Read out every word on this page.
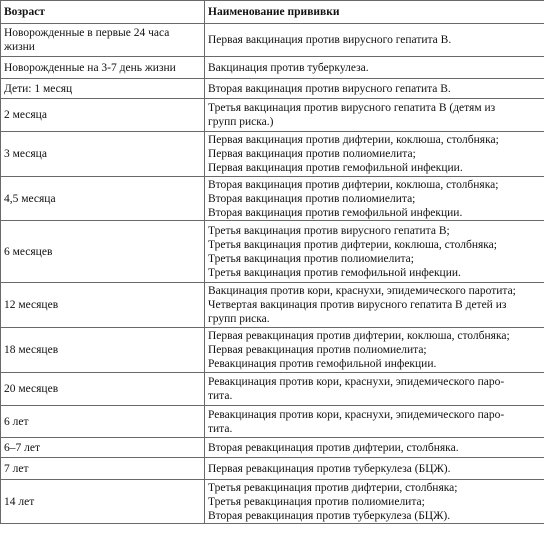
Возраст	Наименование прививки

Новорожденные в первые 24 часа
жизни	Первая вакцинация против вирусного гепатита В.

Новорожденные на 3-7 день жизни	Вакцинация против туберкулеза.

Дети: 1 месяц	Вторая вакцинация против вирусного гепатита В.

2 месяца	Третья вакцинация против вирусного гепатита В (детям из
групп риска.)

3 месяца	Первая вакцинация против дифтерии, коклюша, столбняка;
Первая вакцинация против полиомиелита;
Первая вакцинация против гемофильной инфекции.

4,5 месяца	Вторая вакцинация против дифтерии, коклюша, столбняка;
Вторая вакцинация против полиомиелита;
Вторая вакцинация против гемофильной инфекции.

6 месяцев	Третья вакцинация против вирусного гепатита В;
Третья вакцинация против дифтерии, коклюша, столбняка;
Третья вакцинация против полиомиелита;
Третья вакцинация против гемофильной инфекции.

12 месяцев	Вакцинация против кори, краснухи, эпидемического паротита;
Четвертая вакцинация против вирусного гепатита В детей из
групп риска.

18 месяцев	Первая ревакцинация против дифтерии, коклюша, столбняка;
Первая ревакцинация против полиомиелита;
Ревакцинация против гемофильной инфекции.

20 месяцев	Ревакцинация против кори, краснухи, эпидемического паро-
тита.

6 лет	Ревакцинация против кори, краснухи, эпидемического паро-
тита.

6–7 лет	Вторая ревакцинация против дифтерии, столбняка.

7 лет	Первая ревакцинация против туберкулеза (БЦЖ).

14 лет	Третья ревакцинация против дифтерии, столбняка;
Третья ревакцинация против полиомиелита;
Вторая ревакцинация против туберкулеза (БЦЖ).
